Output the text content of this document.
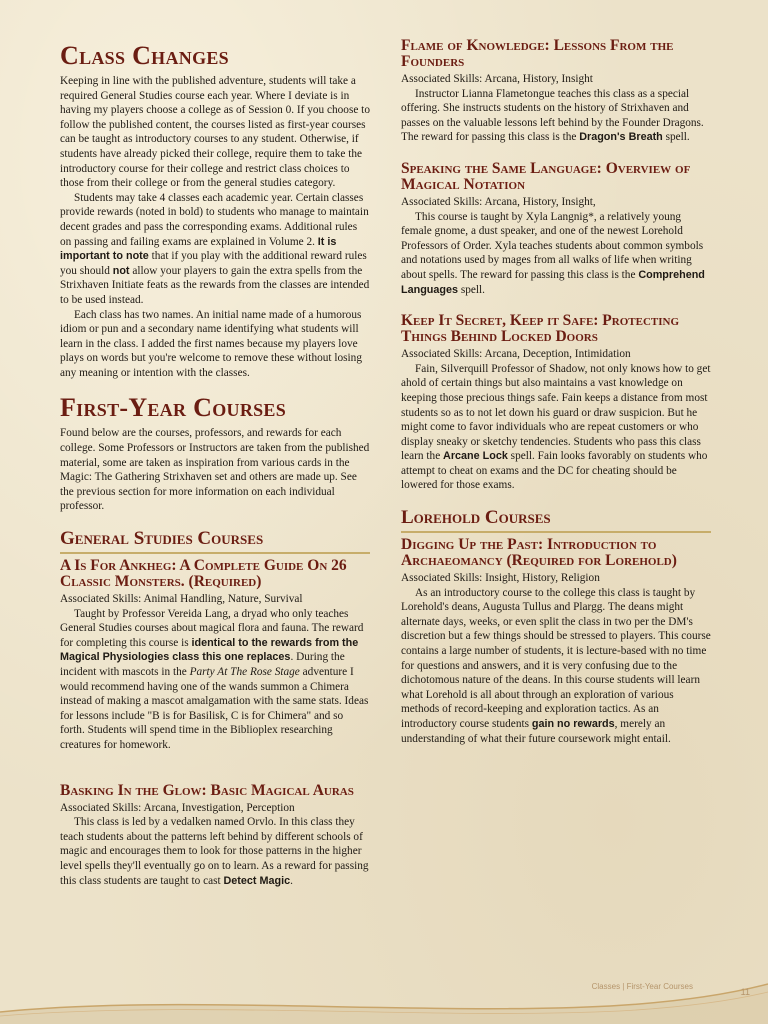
Class Changes

Keeping in line with the published adventure, students will take a required General Studies course each year. Where I deviate is in having my players choose a college as of Session 0. If you choose to follow the published content, the courses listed as first-year courses can be taught as introductory courses to any student. Otherwise, if students have already picked their college, require them to take the introductory course for their college and restrict class choices to those from their college or from the general studies category.

Students may take 4 classes each academic year. Certain classes provide rewards (noted in bold) to students who manage to maintain decent grades and pass the corresponding exams. Additional rules on passing and failing exams are explained in Volume 2. It is important to note that if you play with the additional reward rules you should not allow your players to gain the extra spells from the Strixhaven Initiate feats as the rewards from the classes are intended to be used instead.

Each class has two names. An initial name made of a humorous idiom or pun and a secondary name identifying what students will learn in the class. I added the first names because my players love plays on words but you're welcome to remove these without losing any meaning or intention with the classes.

First-Year Courses

Found below are the courses, professors, and rewards for each college. Some Professors or Instructors are taken from the published material, some are taken as inspiration from various cards in the Magic: The Gathering Strixhaven set and others are made up. See the previous section for more information on each individual professor.

General Studies Courses
A Is For Ankheg: A Complete Guide On 26 Classic Monsters. (Required)
Associated Skills: Animal Handling, Nature, Survival

Taught by Professor Vereida Lang, a dryad who only teaches General Studies courses about magical flora and fauna. The reward for completing this course is identical to the rewards from the Magical Physiologies class this one replaces. During the incident with mascots in the Party At The Rose Stage adventure I would recommend having one of the wands summon a Chimera instead of making a mascot amalgamation with the same stats. Ideas for lessons include "B is for Basilisk, C is for Chimera" and so forth. Students will spend time in the Biblioplex researching creatures for homework.

Basking In the Glow: Basic Magical Auras
Associated Skills: Arcana, Investigation, Perception

This class is led by a vedalken named Orvlo. In this class they teach students about the patterns left behind by different schools of magic and encourages them to look for those patterns in the higher level spells they'll eventually go on to learn. As a reward for passing this class students are taught to cast Detect Magic.

Flame of Knowledge: Lessons From the Founders
Associated Skills: Arcana, History, Insight

Instructor Lianna Flametongue teaches this class as a special offering. She instructs students on the history of Strixhaven and passes on the valuable lessons left behind by the Founder Dragons. The reward for passing this class is the Dragon's Breath spell.

Speaking the Same Language: Overview of Magical Notation
Associated Skills: Arcana, History, Insight,

This course is taught by Xyla Langnig*, a relatively young female gnome, a dust speaker, and one of the newest Lorehold Professors of Order. Xyla teaches students about common symbols and notations used by mages from all walks of life when writing about spells. The reward for passing this class is the Comprehend Languages spell.

Keep It Secret, Keep it Safe: Protecting Things Behind Locked Doors
Associated Skills: Arcana, Deception, Intimidation

Fain, Silverquill Professor of Shadow, not only knows how to get ahold of certain things but also maintains a vast knowledge on keeping those precious things safe. Fain keeps a distance from most students so as to not let down his guard or draw suspicion. But he might come to favor individuals who are repeat customers or who display sneaky or sketchy tendencies. Students who pass this class learn the Arcane Lock spell. Fain looks favorably on students who attempt to cheat on exams and the DC for cheating should be lowered for those exams.

Lorehold Courses
Digging Up the Past: Introduction to Archaeomancy (Required for Lorehold)
Associated Skills: Insight, History, Religion

As an introductory course to the college this class is taught by Lorehold's deans, Augusta Tullus and Plargg. The deans might alternate days, weeks, or even split the class in two per the DM's discretion but a few things should be stressed to players. This course contains a large number of students, it is lecture-based with no time for questions and answers, and it is very confusing due to the dichotomous nature of the deans. In this course students will learn what Lorehold is all about through an exploration of various methods of record-keeping and exploration tactics. As an introductory course students gain no rewards, merely an understanding of what their future coursework might entail.

Classes | First-Year Courses
11
